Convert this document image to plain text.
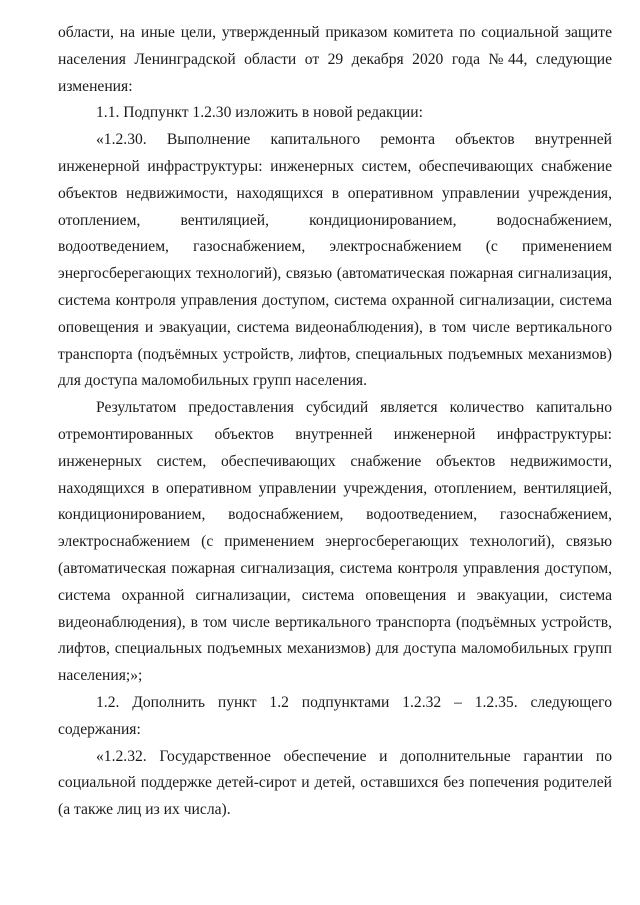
области, на иные цели, утвержденный приказом комитета по социальной защите населения Ленинградской области от 29 декабря 2020 года №44, следующие изменения:

1.1. Подпункт 1.2.30 изложить в новой редакции:

«1.2.30. Выполнение капитального ремонта объектов внутренней инженерной инфраструктуры: инженерных систем, обеспечивающих снабжение объектов недвижимости, находящихся в оперативном управлении учреждения, отоплением, вентиляцией, кондиционированием, водоснабжением, водоотведением, газоснабжением, электроснабжением (с применением энергосберегающих технологий), связью (автоматическая пожарная сигнализация, система контроля управления доступом, система охранной сигнализации, система оповещения и эвакуации, система видеонаблюдения), в том числе вертикального транспорта (подъёмных устройств, лифтов, специальных подъемных механизмов) для доступа маломобильных групп населения.

Результатом предоставления субсидий является количество капитально отремонтированных объектов внутренней инженерной инфраструктуры: инженерных систем, обеспечивающих снабжение объектов недвижимости, находящихся в оперативном управлении учреждения, отоплением, вентиляцией, кондиционированием, водоснабжением, водоотведением, газоснабжением, электроснабжением (с применением энергосберегающих технологий), связью (автоматическая пожарная сигнализация, система контроля управления доступом, система охранной сигнализации, система оповещения и эвакуации, система видеонаблюдения), в том числе вертикального транспорта (подъёмных устройств, лифтов, специальных подъемных механизмов) для доступа маломобильных групп населения;»;

1.2. Дополнить пункт 1.2 подпунктами 1.2.32 – 1.2.35. следующего содержания:

«1.2.32. Государственное обеспечение и дополнительные гарантии по социальной поддержке детей-сирот и детей, оставшихся без попечения родителей (а также лиц из их числа).
